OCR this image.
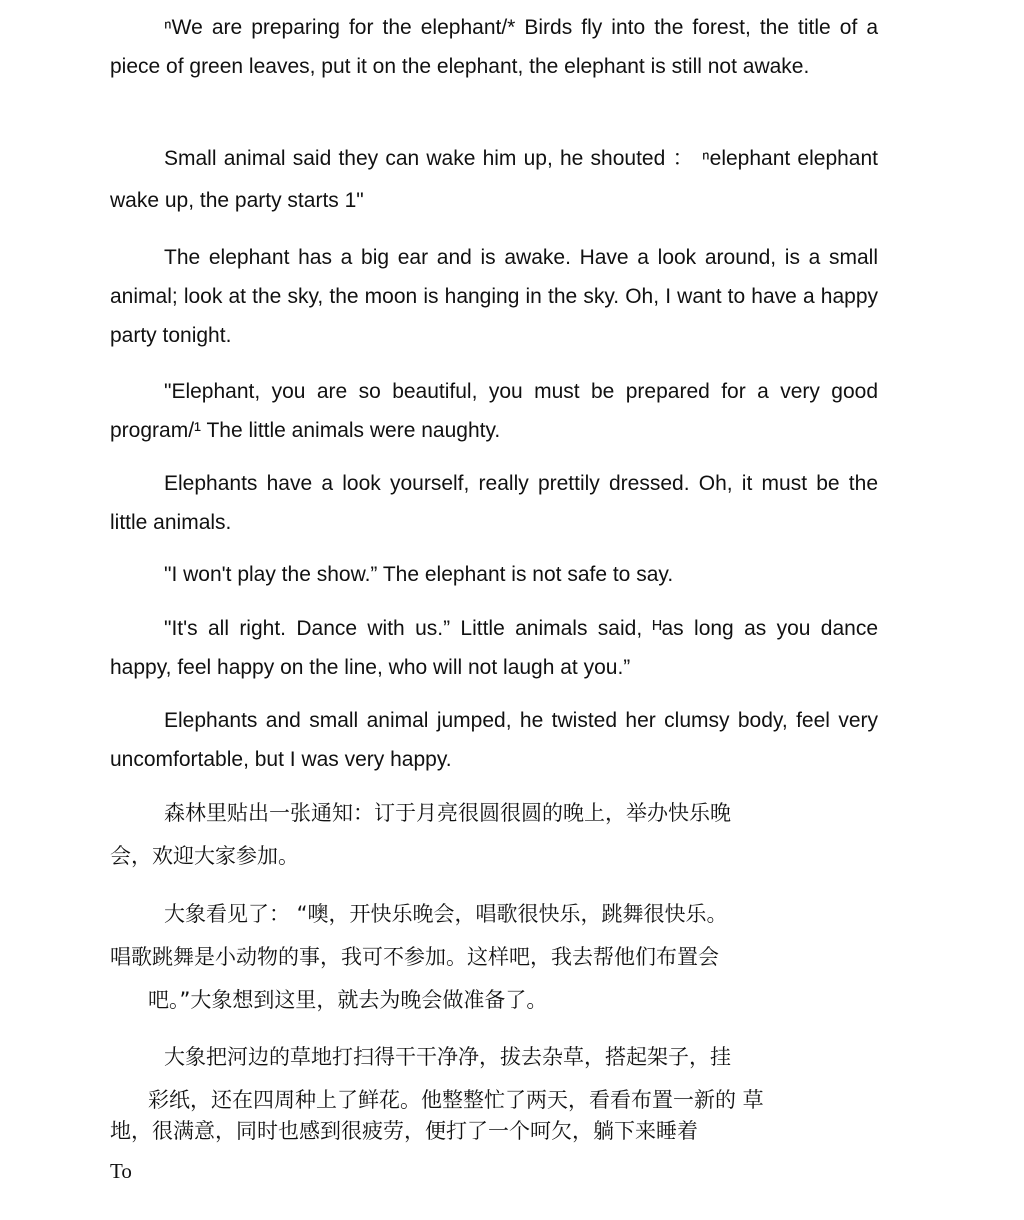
ⁿWe are preparing for the elephant/* Birds fly into the forest, the title of a piece of green leaves, put it on the elephant, the elephant is still not awake.

Small animal said they can wake him up, he shouted ： ⁿelephant elephant wake up, the party starts 1"

The elephant has a big ear and is awake. Have a look around, is a small animal; look at the sky, the moon is hanging in the sky. Oh, I want to have a happy party tonight.

"Elephant, you are so beautiful, you must be prepared for a very good program/¹ The little animals were naughty.

Elephants have a look yourself, really prettily dressed. Oh, it must be the little animals.

"I won't play the show.” The elephant is not safe to say.

"It's all right. Dance with us.” Little animals said, ᴴas long as you dance happy, feel happy on the line, who will not laugh at you.”

Elephants and small animal jumped, he twisted her clumsy body, feel very uncomfortable, but I was very happy.

森林里贴出一张通知：订于月亮很圆很圆的晚上，举办快乐晚

会，欢迎大家参加。

大象看见了： “噢，开快乐晚会，唱歌很快乐，跳舞很快乐。

唱歌跳舞是小动物的事，我可不参加。这样吧，我去帮他们布置会

吧。”大象想到这里，就去为晚会做准备了。

大象把河边的草地打扫得干干净净，拔去杂草，搭起架子，挂

彩纸，还在四周种上了鲜花。他整整忙了两天，看看布置一新的 草

地，很满意，同时也感到很疲劳，便打了一个呵欠，躺下来睡着

To
